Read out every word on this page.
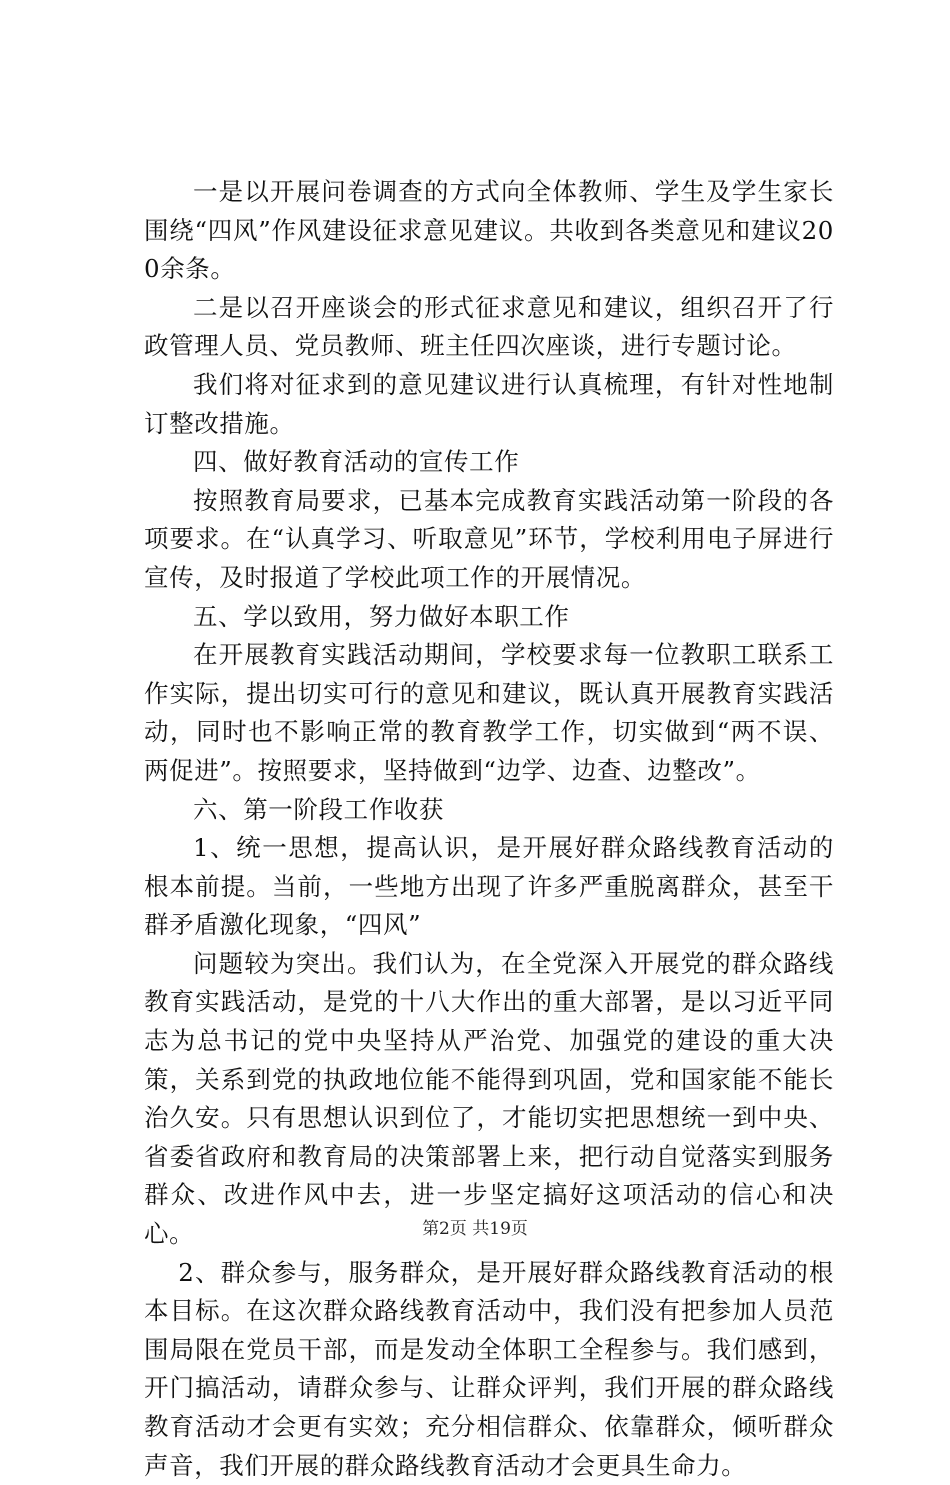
一是以开展问卷调查的方式向全体教师、学生及学生家长围绕“四风”作风建设征求意见建议。共收到各类意见和建议200余条。

二是以召开座谈会的形式征求意见和建议，组织召开了行政管理人员、党员教师、班主任四次座谈，进行专题讨论。

我们将对征求到的意见建议进行认真梳理，有针对性地制订整改措施。

四、做好教育活动的宣传工作

按照教育局要求，已基本完成教育实践活动第一阶段的各项要求。在“认真学习、听取意见”环节，学校利用电子屏进行宣传，及时报道了学校此项工作的开展情况。

五、学以致用，努力做好本职工作

在开展教育实践活动期间，学校要求每一位教职工联系工作实际，提出切实可行的意见和建议，既认真开展教育实践活动，同时也不影响正常的教育教学工作，切实做到“两不误、两促进”。按照要求，坚持做到“边学、边查、边整改”。

六、第一阶段工作收获

1、统一思想，提高认识，是开展好群众路线教育活动的根本前提。当前，一些地方出现了许多严重脱离群众，甚至干群矛盾激化现象，“四风”

问题较为突出。我们认为，在全党深入开展党的群众路线教育实践活动，是党的十八大作出的重大部署，是以习近平同志为总书记的党中央坚持从严治党、加强党的建设的重大决策，关系到党的执政地位能不能得到巩固，党和国家能不能长治久安。只有思想认识到位了，才能切实把思想统一到中央、省委省政府和教育局的决策部署上来，把行动自觉落实到服务群众、改进作风中去，进一步坚定搞好这项活动的信心和决心。

2、群众参与，服务群众，是开展好群众路线教育活动的根本目标。在这次群众路线教育活动中，我们没有把参加人员范围局限在党员干部，而是发动全体职工全程参与。我们感到，开门搞活动，请群众参与、让群众评判，我们开展的群众路线教育活动才会更有实效；充分相信群众、依靠群众，倾听群众声音，我们开展的群众路线教育活动才会更具生命力。

第2页 共19页
